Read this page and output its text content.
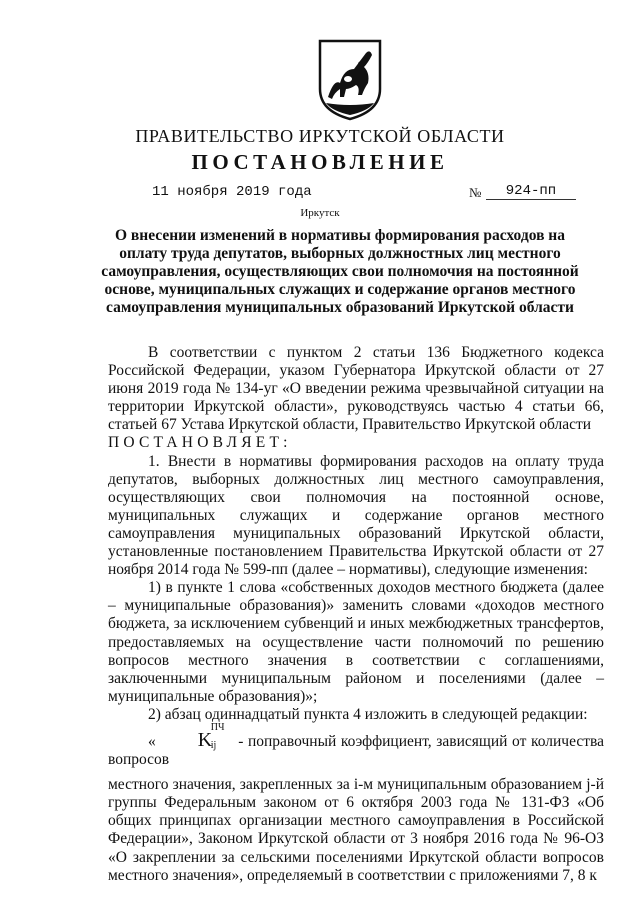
ПРАВИТЕЛЬСТВО ИРКУТСКОЙ ОБЛАСТИ
ПОСТАНОВЛЕНИЕ
11 ноября 2019 года	№	924-пп
Иркутск
О внесении изменений в нормативы формирования расходов на оплату труда депутатов, выборных должностных лиц местного самоуправления, осуществляющих свои полномочия на постоянной основе, муниципальных служащих и содержание органов местного самоуправления муниципальных образований Иркутской области

В соответствии с пунктом 2 статьи 136 Бюджетного кодекса Российской Федерации, указом Губернатора Иркутской области от 27 июня 2019 года № 134-уг «О введении режима чрезвычайной ситуации на территории Иркутской области», руководствуясь частью 4 статьи 66, статьей 67 Устава Иркутской области, Правительство Иркутской области

ПОСТАНОВЛЯЕТ:

1. Внести в нормативы формирования расходов на оплату труда депутатов, выборных должностных лиц местного самоуправления, осуществляющих свои полномочия на постоянной основе, муниципальных служащих и содержание органов местного самоуправления муниципальных образований Иркутской области, установленные постановлением Правительства Иркутской области от 27 ноября 2014 года № 599-пп (далее – нормативы), следующие изменения:

1) в пункте 1 слова «собственных доходов местного бюджета (далее – муниципальные образования)» заменить словами «доходов местного бюджета, за исключением субвенций и иных межбюджетных трансфертов, предоставляемых на осуществление части полномочий по решению вопросов местного значения в соответствии с соглашениями, заключенными муниципальным районом и поселениями (далее – муниципальные образования)»;

2) абзац одиннадцатый пункта 4 изложить в следующей редакции:

« K
ПЧ
ij - поправочный коэффициент, зависящий от количества вопросов

местного значения, закрепленных за i-м муниципальным образованием j-й группы Федеральным законом от 6 октября 2003 года № 131-ФЗ «Об общих принципах организации местного самоуправления в Российской Федерации», Законом Иркутской области от 3 ноября 2016 года № 96-ОЗ «О закреплении за сельскими поселениями Иркутской области вопросов местного значения», определяемый в соответствии с приложениями 7, 8 к
